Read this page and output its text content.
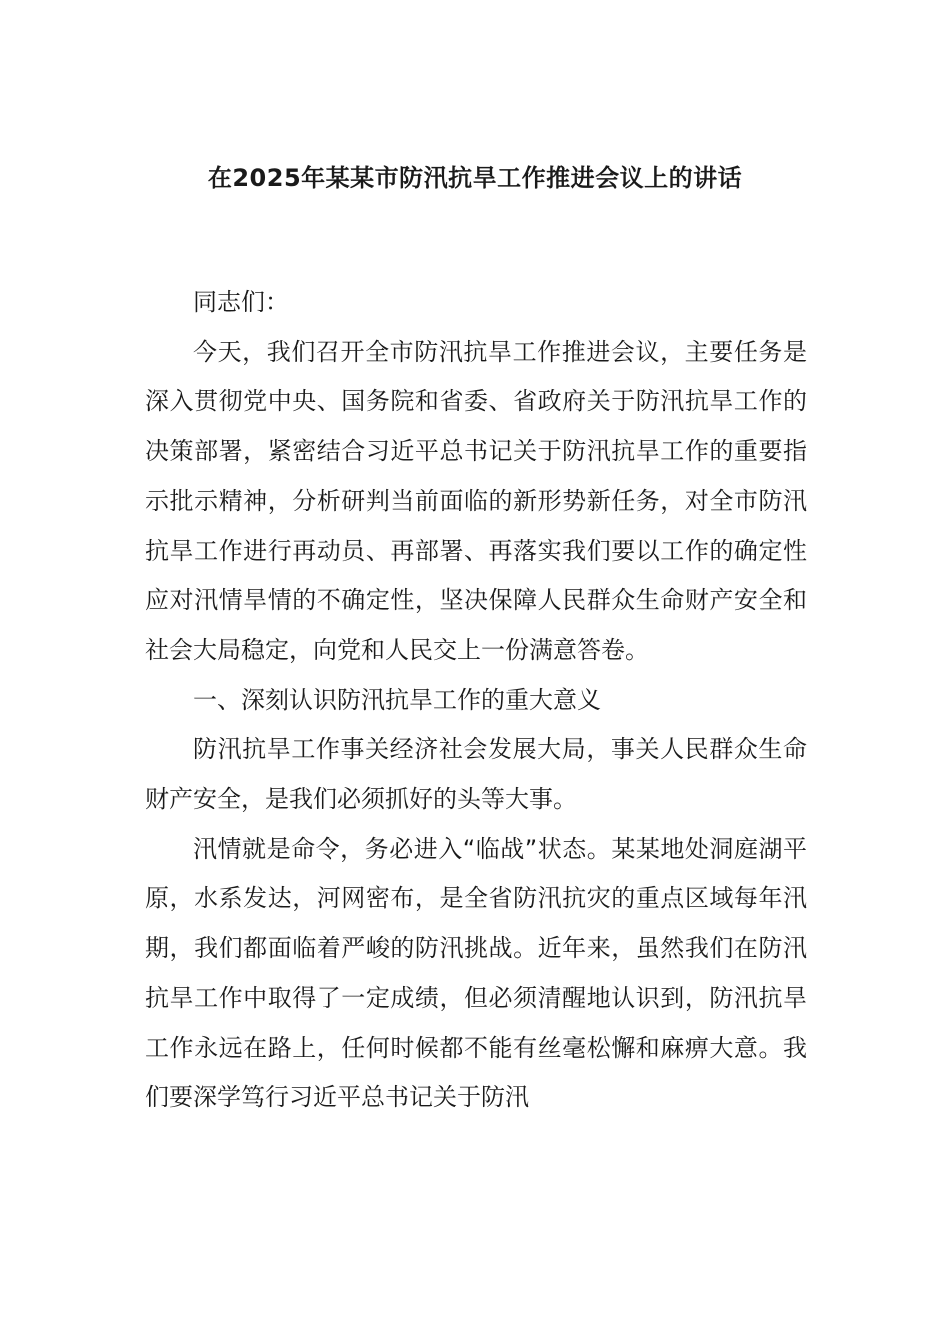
在2025年某某市防汛抗旱工作推进会议上的讲话

同志们：

今天，我们召开全市防汛抗旱工作推进会议，主要任务是深入贯彻党中央、国务院和省委、省政府关于防汛抗旱工作的决策部署，紧密结合习近平总书记关于防汛抗旱工作的重要指示批示精神，分析研判当前面临的新形势新任务，对全市防汛抗旱工作进行再动员、再部署、再落实我们要以工作的确定性应对汛情旱情的不确定性，坚决保障人民群众生命财产安全和社会大局稳定，向党和人民交上一份满意答卷。

一、深刻认识防汛抗旱工作的重大意义

防汛抗旱工作事关经济社会发展大局，事关人民群众生命财产安全，是我们必须抓好的头等大事。

汛情就是命令，务必进入“临战”状态。某某地处洞庭湖平原，水系发达，河网密布，是全省防汛抗灾的重点区域每年汛期，我们都面临着严峻的防汛挑战。近年来，虽然我们在防汛抗旱工作中取得了一定成绩，但必须清醒地认识到，防汛抗旱工作永远在路上，任何时候都不能有丝毫松懈和麻痹大意。我们要深学笃行习近平总书记关于防汛
